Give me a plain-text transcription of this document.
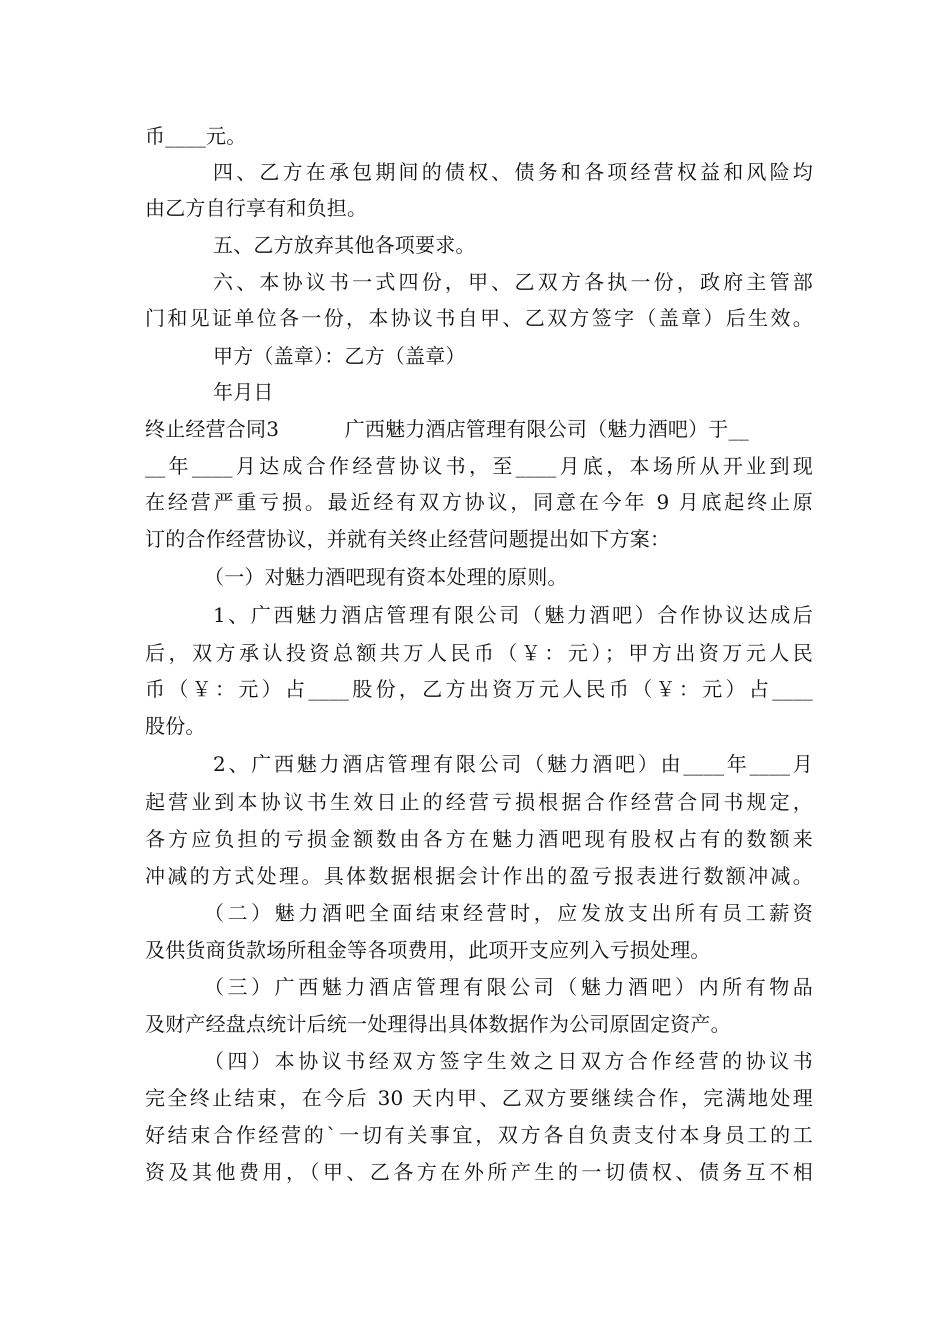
币____元。
四、乙方在承包期间的债权、债务和各项经营权益和风险均
由乙方自行享有和负担。
五、乙方放弃其他各项要求。
六、本协议书一式四份，甲、乙双方各执一份，政府主管部
门和见证单位各一份，本协议书自甲、乙双方签字（盖章）后生效。
甲方（盖章）：乙方（盖章）
年月日
终止经营合同3          广西魅力酒店管理有限公司（魅力酒吧）于__
__年____月达成合作经营协议书，至____月底，本场所从开业到现
在经营严重亏损。最近经有双方协议，同意在今年 9 月底起终止原
订的合作经营协议，并就有关终止经营问题提出如下方案：
（一）对魅力酒吧现有资本处理的原则。
1、广西魅力酒店管理有限公司（魅力酒吧）合作协议达成后
后，双方承认投资总额共万人民币（￥：元）；甲方出资万元人民
币（￥：元）占____股份，乙方出资万元人民币（￥：元）占____
股份。
2、广西魅力酒店管理有限公司（魅力酒吧）由____年____月
起营业到本协议书生效日止的经营亏损根据合作经营合同书规定，
各方应负担的亏损金额数由各方在魅力酒吧现有股权占有的数额来
冲减的方式处理。具体数据根据会计作出的盈亏报表进行数额冲减。
（二）魅力酒吧全面结束经营时，应发放支出所有员工薪资
及供货商货款场所租金等各项费用，此项开支应列入亏损处理。
（三）广西魅力酒店管理有限公司（魅力酒吧）内所有物品
及财产经盘点统计后统一处理得出具体数据作为公司原固定资产。
（四）本协议书经双方签字生效之日双方合作经营的协议书
完全终止结束，在今后 30 天内甲、乙双方要继续合作，完满地处理
好结束合作经营的`一切有关事宜，双方各自负责支付本身员工的工
资及其他费用，（甲、乙各方在外所产生的一切债权、债务互不相
